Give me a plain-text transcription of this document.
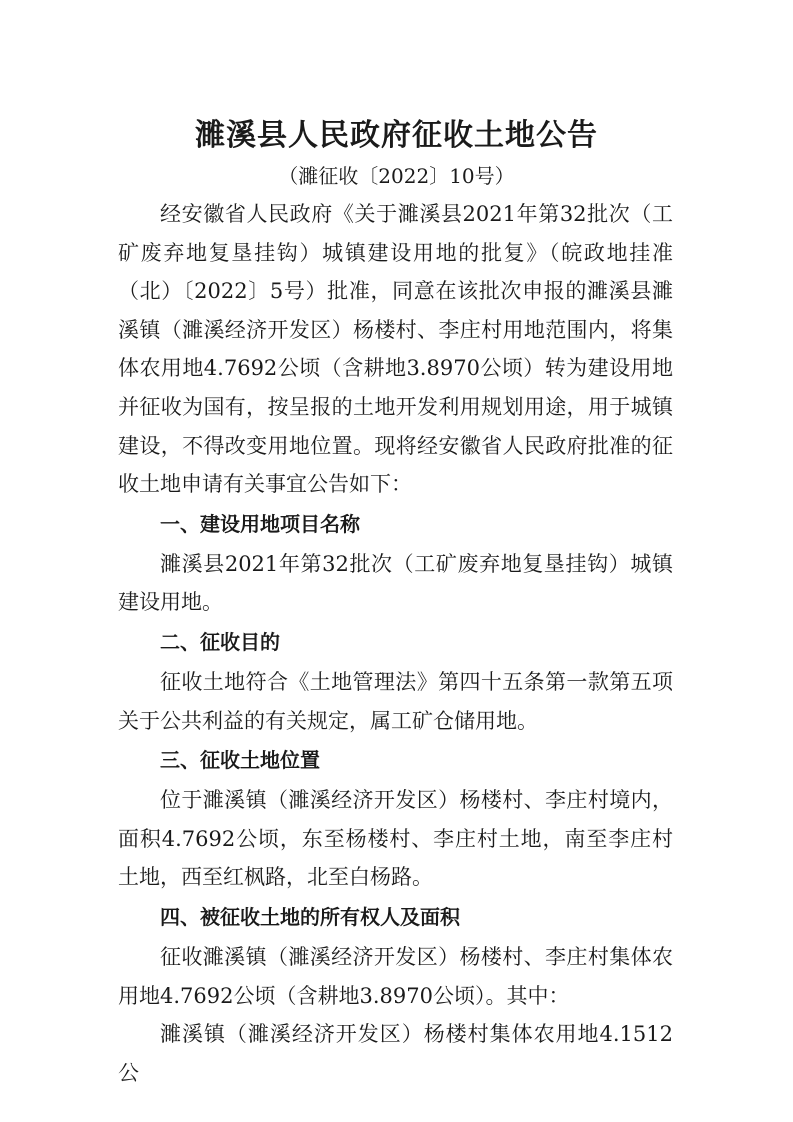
濉溪县人民政府征收土地公告
（濉征收〔2022〕10号）

经安徽省人民政府《关于濉溪县2021年第32批次（工矿废弃地复垦挂钩）城镇建设用地的批复》（皖政地挂准（北）〔2022〕5号）批准，同意在该批次申报的濉溪县濉溪镇（濉溪经济开发区）杨楼村、李庄村用地范围内，将集体农用地4.7692公顷（含耕地3.8970公顷）转为建设用地并征收为国有，按呈报的土地开发利用规划用途，用于城镇建设，不得改变用地位置。现将经安徽省人民政府批准的征收土地申请有关事宜公告如下：

一、建设用地项目名称

濉溪县2021年第32批次（工矿废弃地复垦挂钩）城镇建设用地。

二、征收目的

征收土地符合《土地管理法》第四十五条第一款第五项关于公共利益的有关规定，属工矿仓储用地。

三、征收土地位置

位于濉溪镇（濉溪经济开发区）杨楼村、李庄村境内，面积4.7692公顷，东至杨楼村、李庄村土地，南至李庄村土地，西至红枫路，北至白杨路。

四、被征收土地的所有权人及面积

征收濉溪镇（濉溪经济开发区）杨楼村、李庄村集体农用地4.7692公顷（含耕地3.8970公顷）。其中：

濉溪镇（濉溪经济开发区）杨楼村集体农用地4.1512公
